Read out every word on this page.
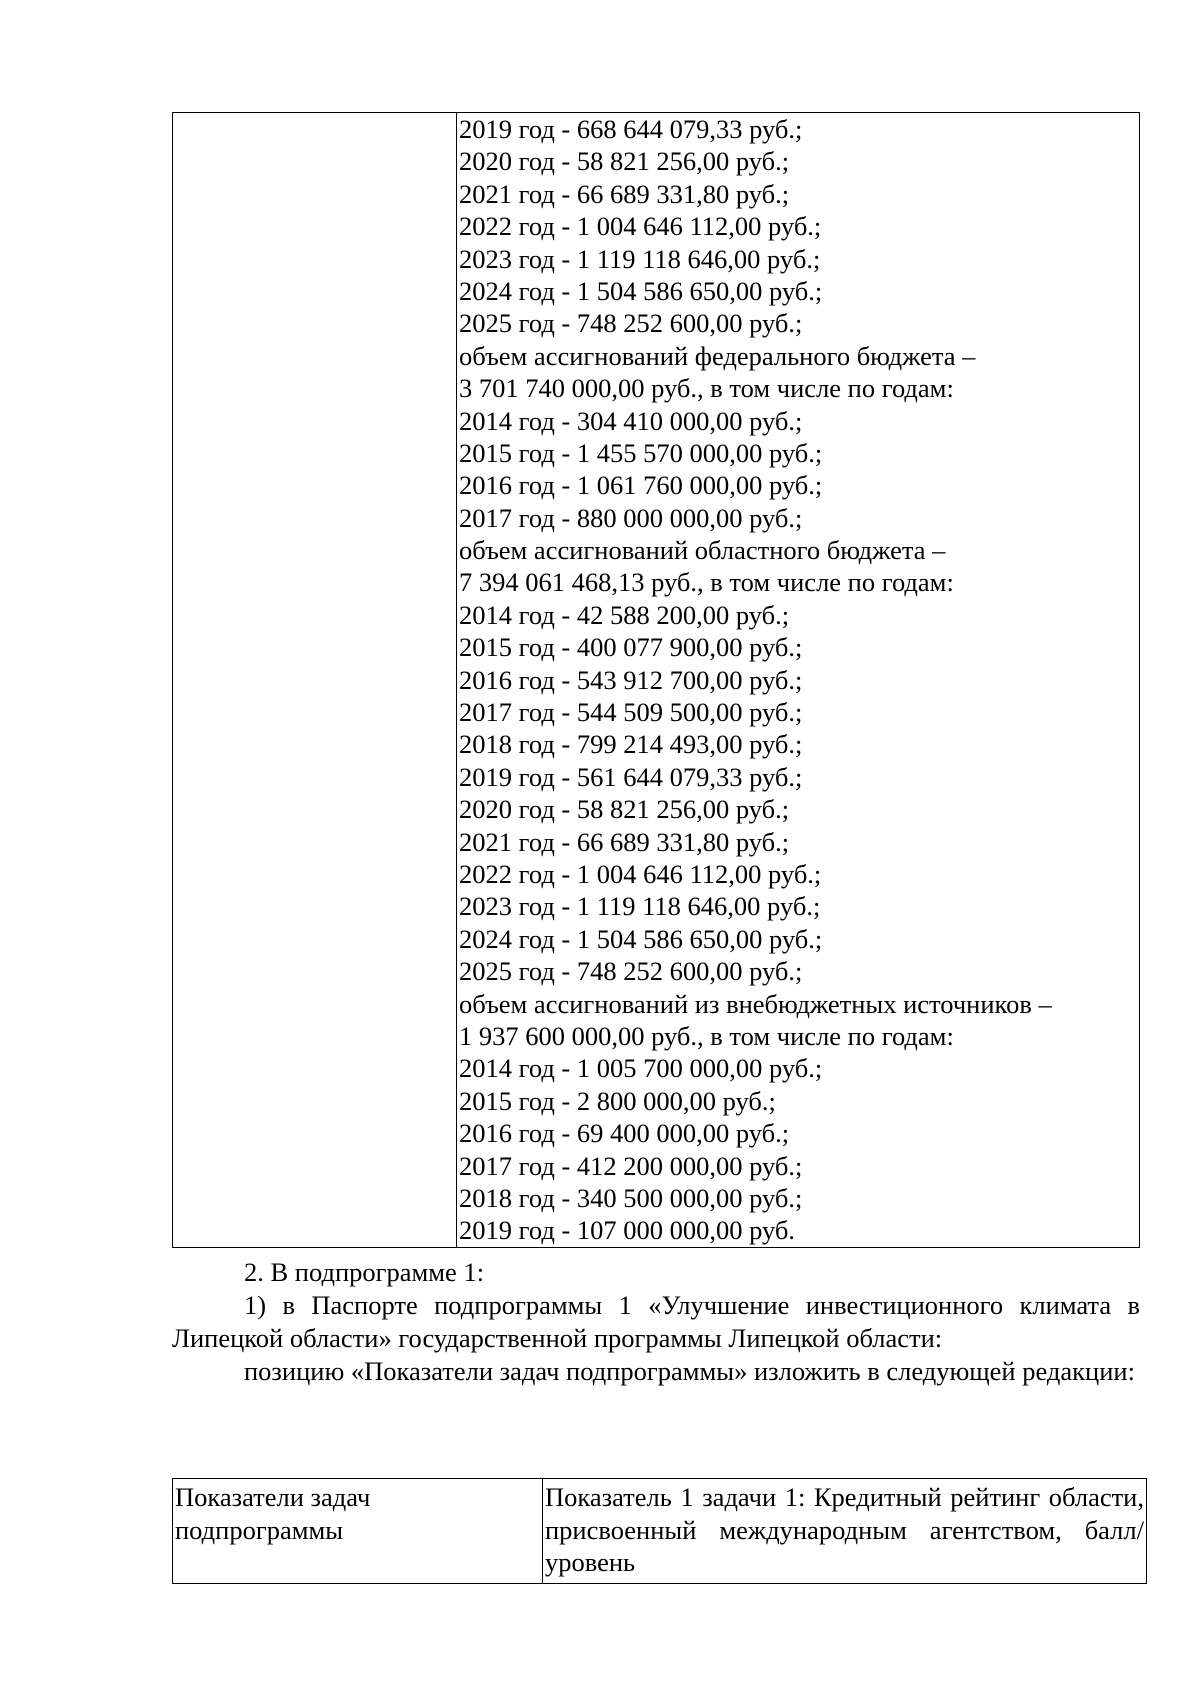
2019 год - 668 644 079,33 руб.;
2020 год - 58 821 256,00 руб.;
2021 год - 66 689 331,80 руб.;
2022 год - 1 004 646 112,00 руб.;
2023 год - 1 119 118 646,00 руб.;
2024 год - 1 504 586 650,00 руб.;
2025 год - 748 252 600,00 руб.;
объем ассигнований федерального бюджета –
3 701 740 000,00 руб., в том числе по годам:
2014 год - 304 410 000,00 руб.;
2015 год - 1 455 570 000,00 руб.;
2016 год - 1 061 760 000,00 руб.;
2017 год - 880 000 000,00 руб.;
объем ассигнований областного бюджета –
7 394 061 468,13 руб., в том числе по годам:
2014 год - 42 588 200,00 руб.;
2015 год - 400 077 900,00 руб.;
2016 год - 543 912 700,00 руб.;
2017 год - 544 509 500,00 руб.;
2018 год - 799 214 493,00 руб.;
2019 год - 561 644 079,33 руб.;
2020 год - 58 821 256,00 руб.;
2021 год - 66 689 331,80 руб.;
2022 год - 1 004 646 112,00 руб.;
2023 год - 1 119 118 646,00 руб.;
2024 год - 1 504 586 650,00 руб.;
2025 год - 748 252 600,00 руб.;
объем ассигнований из внебюджетных источников –
1 937 600 000,00 руб., в том числе по годам:
2014 год - 1 005 700 000,00 руб.;
2015 год - 2 800 000,00 руб.;
2016 год - 69 400 000,00 руб.;
2017 год - 412 200 000,00 руб.;
2018 год - 340 500 000,00 руб.;
2019 год - 107 000 000,00 руб.
2. В подпрограмме 1:
1) в Паспорте подпрограммы 1 «Улучшение инвестиционного климата в Липецкой области» государственной программы Липецкой области:
позицию «Показатели задач подпрограммы» изложить в следующей редакции:
Показатели задач подпрограммы	Показатель 1 задачи 1: Кредитный рейтинг области, присвоенный международным агентством, балл/уровень
